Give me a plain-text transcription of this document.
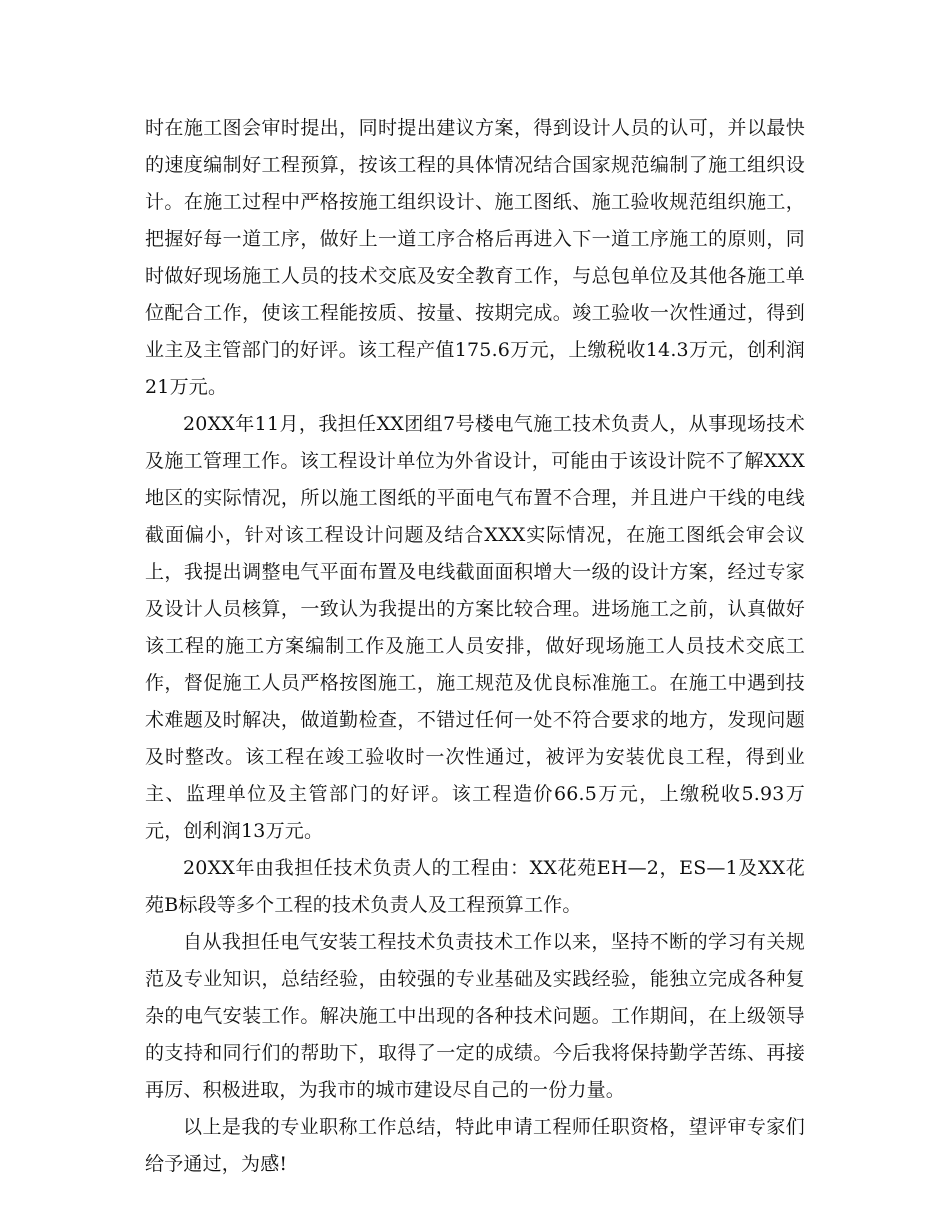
时在施工图会审时提出，同时提出建议方案，得到设计人员的认可，并以最快的速度编制好工程预算，按该工程的具体情况结合国家规范编制了施工组织设计。在施工过程中严格按施工组织设计、施工图纸、施工验收规范组织施工，把握好每一道工序，做好上一道工序合格后再进入下一道工序施工的原则，同时做好现场施工人员的技术交底及安全教育工作，与总包单位及其他各施工单位配合工作，使该工程能按质、按量、按期完成。竣工验收一次性通过，得到业主及主管部门的好评。该工程产值175.6万元，上缴税收14.3万元，创利润21万元。

20XX年11月，我担任XX团组7号楼电气施工技术负责人，从事现场技术及施工管理工作。该工程设计单位为外省设计，可能由于该设计院不了解XXX地区的实际情况，所以施工图纸的平面电气布置不合理，并且进户干线的电线截面偏小，针对该工程设计问题及结合XXX实际情况，在施工图纸会审会议上，我提出调整电气平面布置及电线截面面积增大一级的设计方案，经过专家及设计人员核算，一致认为我提出的方案比较合理。进场施工之前，认真做好该工程的施工方案编制工作及施工人员安排，做好现场施工人员技术交底工作，督促施工人员严格按图施工，施工规范及优良标准施工。在施工中遇到技术难题及时解决，做道勤检查，不错过任何一处不符合要求的地方，发现问题及时整改。该工程在竣工验收时一次性通过，被评为安装优良工程，得到业主、监理单位及主管部门的好评。该工程造价66.5万元，上缴税收5.93万元，创利润13万元。

20XX年由我担任技术负责人的工程由：XX花苑EH—2，ES—1及XX花苑B标段等多个工程的技术负责人及工程预算工作。

自从我担任电气安装工程技术负责技术工作以来，坚持不断的学习有关规范及专业知识，总结经验，由较强的专业基础及实践经验，能独立完成各种复杂的电气安装工作。解决施工中出现的各种技术问题。工作期间，在上级领导的支持和同行们的帮助下，取得了一定的成绩。今后我将保持勤学苦练、再接再厉、积极进取，为我市的城市建设尽自己的一份力量。

以上是我的专业职称工作总结，特此申请工程师任职资格，望评审专家们给予通过，为感!
